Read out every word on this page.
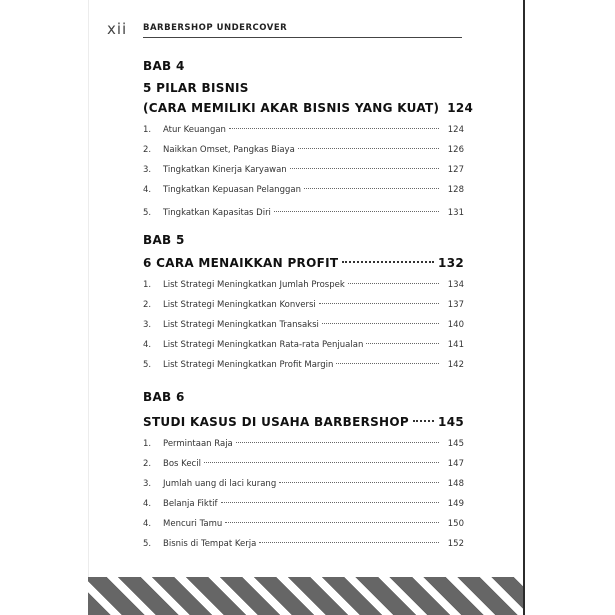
xii BARBERSHOP UNDERCOVER
BAB 4
5 PILAR BISNIS
(CARA MEMILIKI AKAR BISNIS YANG KUAT) 124
1.	Atur Keuangan	124
2.	Naikkan Omset, Pangkas Biaya	126
3.	Tingkatkan Kinerja Karyawan	127
4.	Tingkatkan Kepuasan Pelanggan	128
5.	Tingkatkan Kapasitas Diri	131
BAB 5
6 CARA MENAIKKAN PROFIT	132
1.	List Strategi Meningkatkan Jumlah Prospek	134
2.	List Strategi Meningkatkan Konversi	137
3.	List Strategi Meningkatkan Transaksi	140
4.	List Strategi Meningkatkan Rata-rata Penjualan	141
5.	List Strategi Meningkatkan Profit Margin	142
BAB 6
STUDI KASUS DI USAHA BARBERSHOP 145
1.	Permintaan Raja	145
2.	Bos Kecil	147
3.	Jumlah uang di laci kurang	148
4.	Belanja Fiktif	149
4.	Mencuri Tamu	150
5.	Bisnis di Tempat Kerja	152
